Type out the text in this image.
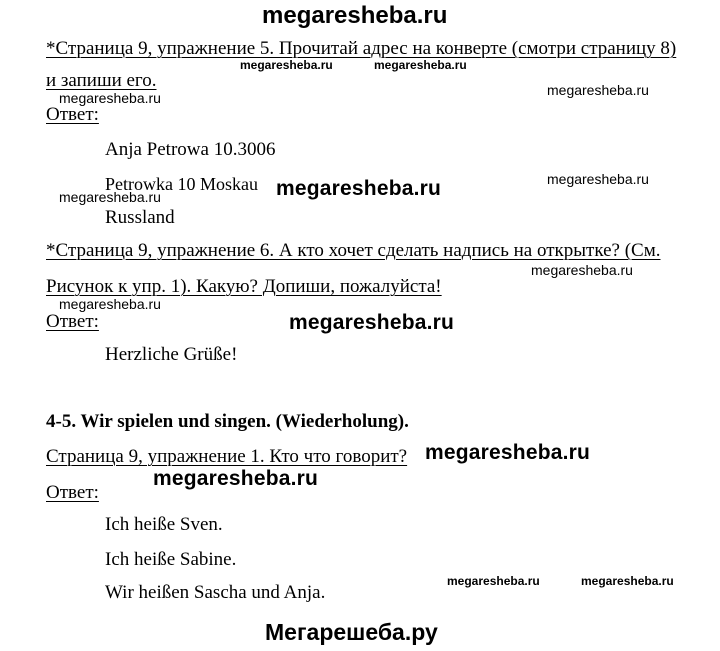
megaresheba.ru
*Страница 9, упражнение 5. Прочитай адрес на конверте (смотри страницу 8)
и запиши его.
Ответ:
Anja Petrowa 10.3006
Petrowka 10 Moskau
Russland
*Страница 9, упражнение 6. А кто хочет сделать надпись на открытке? (См.
Рисунок к упр. 1). Какую? Допиши, пожалуйста!
Ответ:
Herzliche Grüße!
4-5. Wir spielen und singen. (Wiederholung).
Страница 9, упражнение 1. Кто что говорит?
Ответ:
Ich heiße Sven.
Ich heiße Sabine.
Wir heißen Sascha und Anja.
megaresheba.ru	megaresheba.ru
megaresheba.ru	megaresheba.ru
megaresheba.ru
megaresheba.ru
megaresheba.ru
megaresheba.ru
megaresheba.ru	megaresheba.ru
megaresheba.ru
megaresheba.ru
megaresheba.ru
megaresheba.ru
Мегарешеба.ру
